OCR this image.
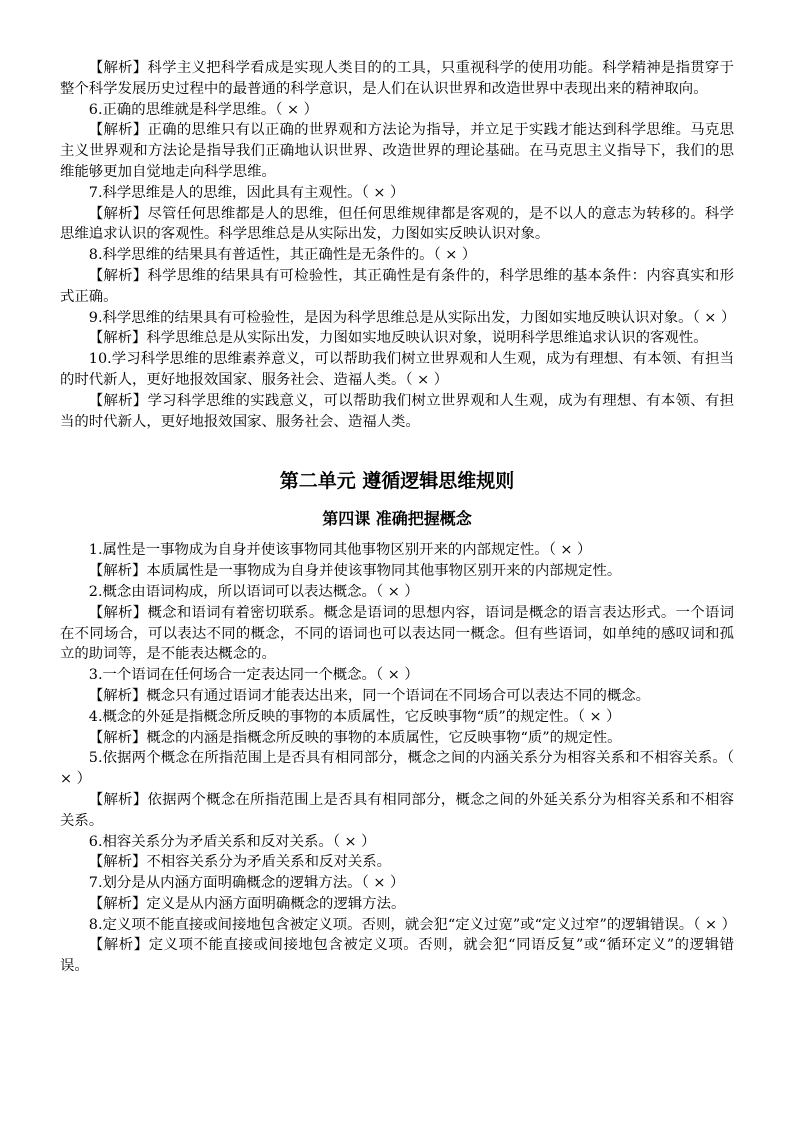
【解析】科学主义把科学看成是实现人类目的的工具，只重视科学的使用功能。科学精神是指贯穿于整个科学发展历史过程中的最普通的科学意识，是人们在认识世界和改造世界中表现出来的精神取向。

6.正确的思维就是科学思维。（ × ）

【解析】正确的思维只有以正确的世界观和方法论为指导，并立足于实践才能达到科学思维。马克思主义世界观和方法论是指导我们正确地认识世界、改造世界的理论基础。在马克思主义指导下，我们的思维能够更加自觉地走向科学思维。

7.科学思维是人的思维，因此具有主观性。（ × ）

【解析】尽管任何思维都是人的思维，但任何思维规律都是客观的，是不以人的意志为转移的。科学思维追求认识的客观性。科学思维总是从实际出发，力图如实反映认识对象。

8.科学思维的结果具有普适性，其正确性是无条件的。（ × ）

【解析】科学思维的结果具有可检验性，其正确性是有条件的，科学思维的基本条件：内容真实和形式正确。

9.科学思维的结果具有可检验性，是因为科学思维总是从实际出发，力图如实地反映认识对象。（ × ）

【解析】科学思维总是从实际出发，力图如实地反映认识对象，说明科学思维追求认识的客观性。

10.学习科学思维的思维素养意义，可以帮助我们树立世界观和人生观，成为有理想、有本领、有担当的时代新人，更好地报效国家、服务社会、造福人类。（ × ）

【解析】学习科学思维的实践意义，可以帮助我们树立世界观和人生观，成为有理想、有本领、有担当的时代新人，更好地报效国家、服务社会、造福人类。

第二单元 遵循逻辑思维规则
第四课 准确把握概念

1.属性是一事物成为自身并使该事物同其他事物区别开来的内部规定性。（ × ）

【解析】本质属性是一事物成为自身并使该事物同其他事物区别开来的内部规定性。

2.概念由语词构成，所以语词可以表达概念。（ × ）

【解析】概念和语词有着密切联系。概念是语词的思想内容，语词是概念的语言表达形式。一个语词在不同场合，可以表达不同的概念，不同的语词也可以表达同一概念。但有些语词，如单纯的感叹词和孤立的助词等，是不能表达概念的。

3.一个语词在任何场合一定表达同一个概念。（ × ）

【解析】概念只有通过语词才能表达出来，同一个语词在不同场合可以表达不同的概念。

4.概念的外延是指概念所反映的事物的本质属性，它反映事物“质”的规定性。（ × ）

【解析】概念的内涵是指概念所反映的事物的本质属性，它反映事物“质”的规定性。

5.依据两个概念在所指范围上是否具有相同部分，概念之间的内涵关系分为相容关系和不相容关系。（ × ）

【解析】依据两个概念在所指范围上是否具有相同部分，概念之间的外延关系分为相容关系和不相容关系。

6.相容关系分为矛盾关系和反对关系。（ × ）

【解析】不相容关系分为矛盾关系和反对关系。

7.划分是从内涵方面明确概念的逻辑方法。（ × ）

【解析】定义是从内涵方面明确概念的逻辑方法。

8.定义项不能直接或间接地包含被定义项。否则，就会犯“定义过宽”或“定义过窄”的逻辑错误。（ × ）

【解析】定义项不能直接或间接地包含被定义项。否则，就会犯“同语反复”或“循环定义”的逻辑错误。
